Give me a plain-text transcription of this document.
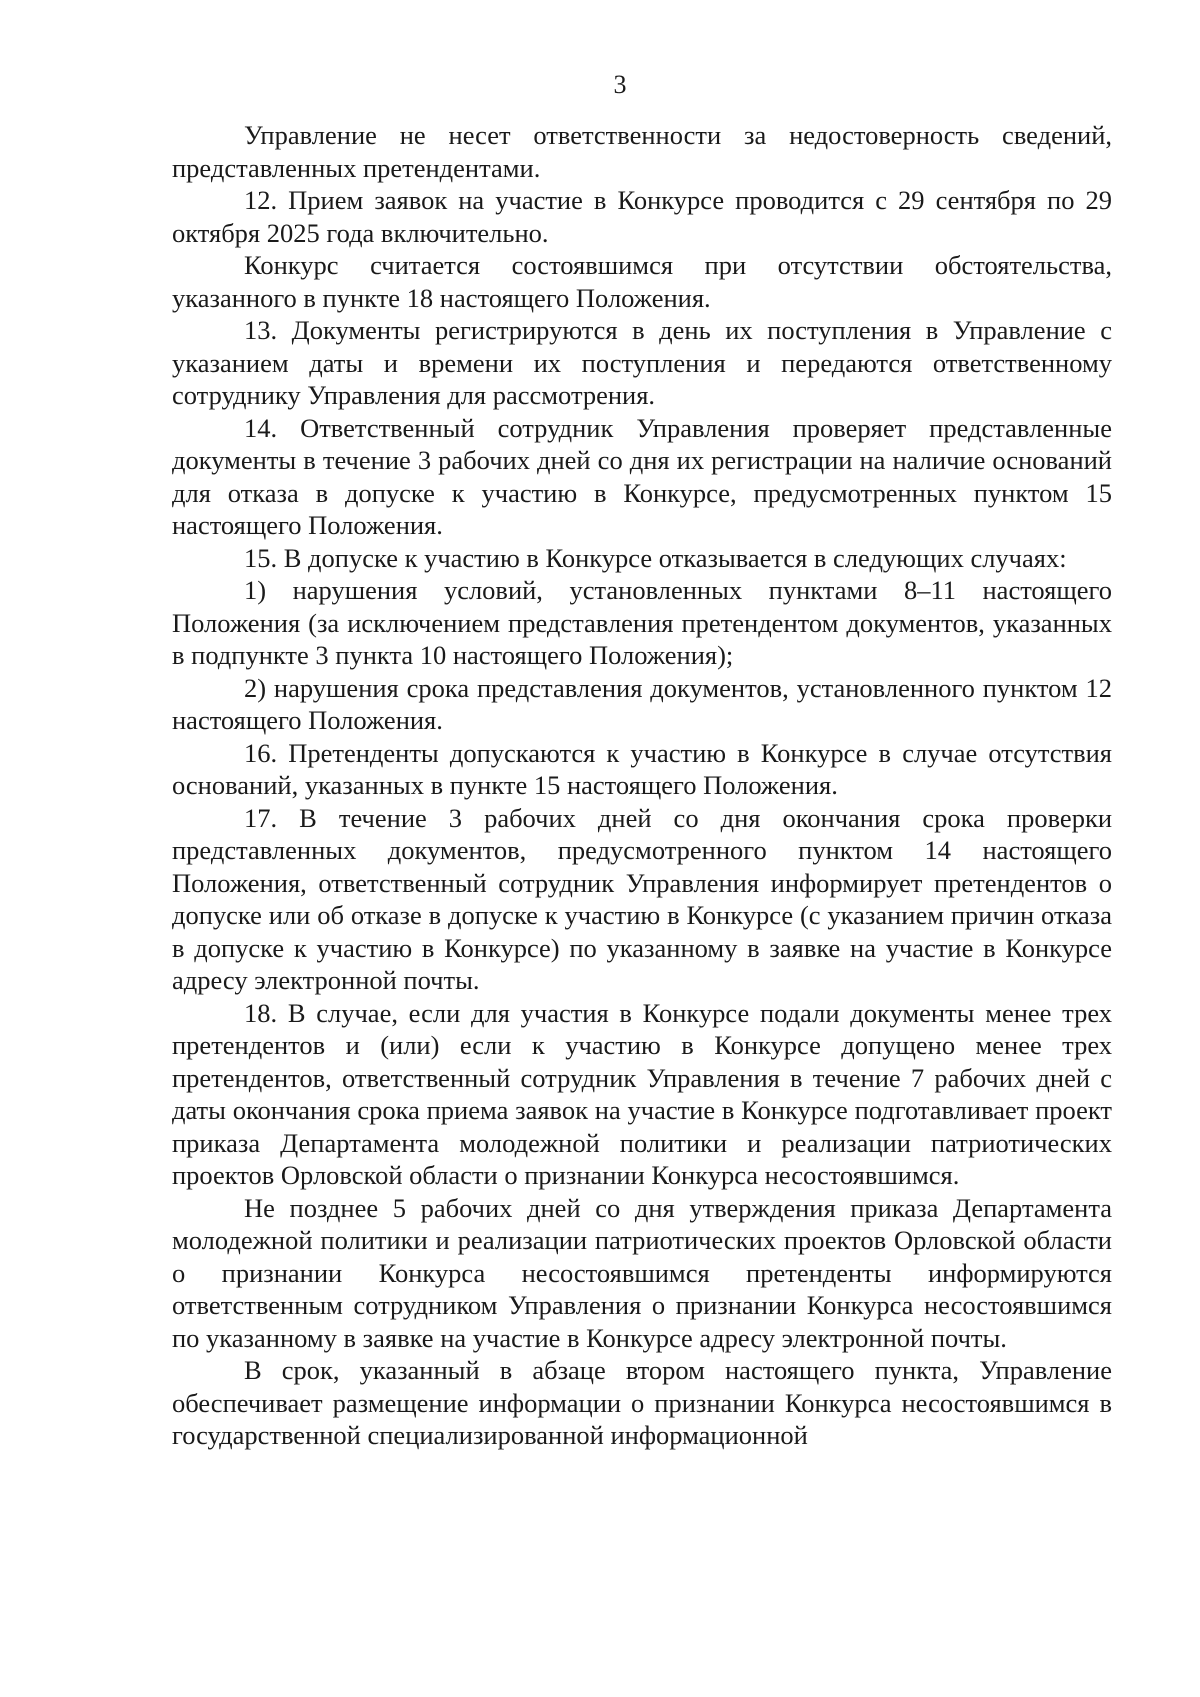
3

Управление не несет ответственности за недостоверность сведений, представленных претендентами.

12. Прием заявок на участие в Конкурсе проводится с 29 сентября по 29 октября 2025 года включительно.

Конкурс считается состоявшимся при отсутствии обстоятельства, указанного в пункте 18 настоящего Положения.

13. Документы регистрируются в день их поступления в Управление с указанием даты и времени их поступления и передаются ответственному сотруднику Управления для рассмотрения.

14. Ответственный сотрудник Управления проверяет представленные документы в течение 3 рабочих дней со дня их регистрации на наличие оснований для отказа в допуске к участию в Конкурсе, предусмотренных пунктом 15 настоящего Положения.

15. В допуске к участию в Конкурсе отказывается в следующих случаях:

1) нарушения условий, установленных пунктами 8–11 настоящего Положения (за исключением представления претендентом документов, указанных в подпункте 3 пункта 10 настоящего Положения);

2) нарушения срока представления документов, установленного пунктом 12 настоящего Положения.

16. Претенденты допускаются к участию в Конкурсе в случае отсутствия оснований, указанных в пункте 15 настоящего Положения.

17. В течение 3 рабочих дней со дня окончания срока проверки представленных документов, предусмотренного пунктом 14 настоящего Положения, ответственный сотрудник Управления информирует претендентов о допуске или об отказе в допуске к участию в Конкурсе (с указанием причин отказа в допуске к участию в Конкурсе) по указанному в заявке на участие в Конкурсе адресу электронной почты.

18. В случае, если для участия в Конкурсе подали документы менее трех претендентов и (или) если к участию в Конкурсе допущено менее трех претендентов, ответственный сотрудник Управления в течение 7 рабочих дней с даты окончания срока приема заявок на участие в Конкурсе подготавливает проект приказа Департамента молодежной политики и реализации патриотических проектов Орловской области о признании Конкурса несостоявшимся.

Не позднее 5 рабочих дней со дня утверждения приказа Департамента молодежной политики и реализации патриотических проектов Орловской области о признании Конкурса несостоявшимся претенденты информируются ответственным сотрудником Управления о признании Конкурса несостоявшимся по указанному в заявке на участие в Конкурсе адресу электронной почты.

В срок, указанный в абзаце втором настоящего пункта, Управление обеспечивает размещение информации о признании Конкурса несостоявшимся в государственной специализированной информационной
